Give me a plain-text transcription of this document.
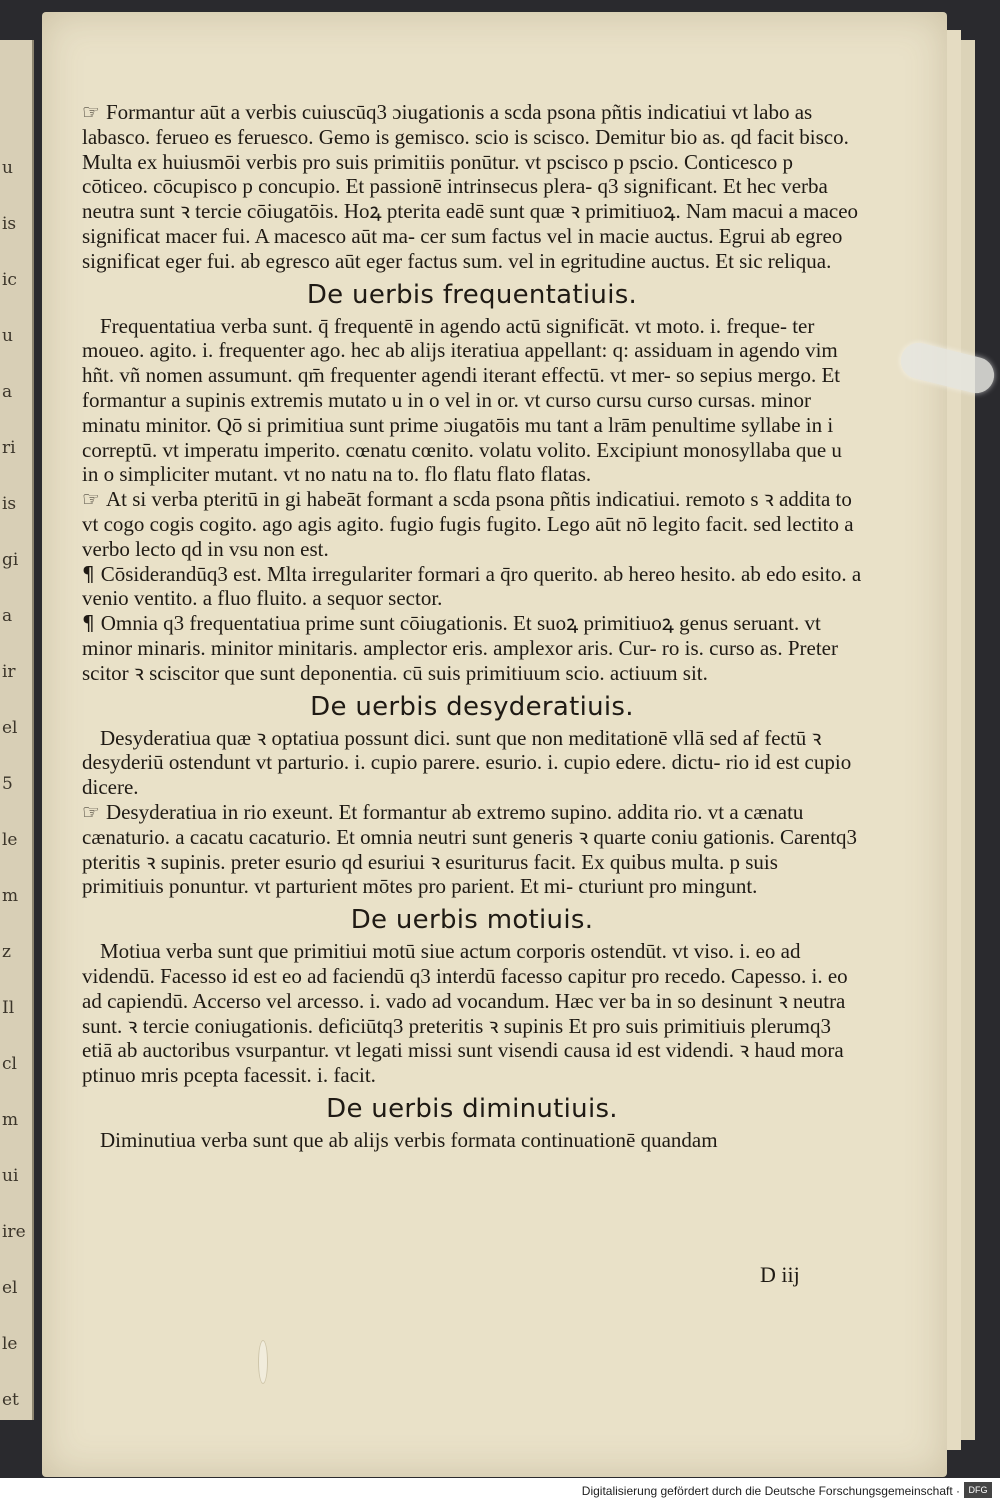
u
is
ic
u
a
ri
is
gi
a
ir
el
5
le
m
z
Il
cl
m
ui
ire
el
le
et

☞ Formantur aūt a verbis cuiuscūq3 ɔiugationis a scda psona pñtis indicatiui vt labo as labasco. ferueo es feruesco. Gemo is gemisco. scio is scisco. Demitur bio as. qd facit bisco. Multa ex huiusmōi verbis pro suis primitiis ponūtur. vt pscisco p pscio. Conticesco p cōticeo. cōcupisco p concupio. Et passionē intrinsecus plera- q3 significant. Et hec verba neutra sunt ꝛ tercie cōiugatōis. Hoꝝ pterita eadē sunt quæ ꝛ primitiuoꝝ. Nam macui a maceo significat macer fui. A macesco aūt ma- cer sum factus vel in macie auctus. Egrui ab egreo significat eger fui. ab egresco aūt eger factus sum. vel in egritudine auctus. Et sic reliqua.

De uerbis frequentatiuis.

Frequentatiua verba sunt. q̄ frequentē in agendo actū significāt. vt moto. i. freque- ter moueo. agito. i. frequenter ago. hec ab alijs iteratiua appellant: q: assiduam in agendo vim hñt. vñ nomen assumunt. qm̄ frequenter agendi iterant effectū. vt mer- so sepius mergo. Et formantur a supinis extremis mutato u in o vel in or. vt curso cursu curso cursas. minor minatu minitor. Qō si primitiua sunt prime ɔiugatōis mu tant a lrām penultime syllabe in i correptū. vt imperatu imperito. cœnatu cœnito. volatu volito. Excipiunt monosyllaba que u in o simpliciter mutant. vt no natu na to. flo flatu flato flatas.

☞ At si verba pteritū in gi habeāt formant a scda psona pñtis indicatiui. remoto s ꝛ addita to vt cogo cogis cogito. ago agis agito. fugio fugis fugito. Lego aūt nō legito facit. sed lectito a verbo lecto qd in vsu non est.

¶ Cōsiderandūq3 est. Mlta irregulariter formari a q̄ro querito. ab hereo hesito. ab edo esito. a venio ventito. a fluo fluito. a sequor sector.

¶ Omnia q3 frequentatiua prime sunt cōiugationis. Et suoꝝ primitiuoꝝ genus seruant. vt minor minaris. minitor minitaris. amplector eris. amplexor aris. Cur- ro is. curso as. Preter scitor ꝛ sciscitor que sunt deponentia. cū suis primitiuum scio. actiuum sit.

De uerbis desyderatiuis.

Desyderatiua quæ ꝛ optatiua possunt dici. sunt que non meditationē vllā sed af fectū ꝛ desyderiū ostendunt vt parturio. i. cupio parere. esurio. i. cupio edere. dictu- rio id est cupio dicere.

☞ Desyderatiua in rio exeunt. Et formantur ab extremo supino. addita rio. vt a cænatu cænaturio. a cacatu cacaturio. Et omnia neutri sunt generis ꝛ quarte coniu gationis. Carentq3 pteritis ꝛ supinis. preter esurio qd esuriui ꝛ esuriturus facit. Ex quibus multa. p suis primitiuis ponuntur. vt parturient mōtes pro parient. Et mi- cturiunt pro mingunt.

De uerbis motiuis.

Motiua verba sunt que primitiui motū siue actum corporis ostendūt. vt viso. i. eo ad videndū. Facesso id est eo ad faciendū q3 interdū facesso capitur pro recedo. Capesso. i. eo ad capiendū. Accerso vel arcesso. i. vado ad vocandum. Hæc ver ba in so desinunt ꝛ neutra sunt. ꝛ tercie coniugationis. deficiūtq3 preteritis ꝛ supinis Et pro suis primitiuis plerumq3 etiā ab auctoribus vsurpantur. vt legati missi sunt visendi causa id est videndi. ꝛ haud mora ptinuo mris pcepta facessit. i. facit.

De uerbis diminutiuis.

Diminutiua verba sunt que ab alijs verbis formata continuationē quandam

D iij
Digitalisierung gefördert durch die Deutsche Forschungsgemeinschaft · DFG
